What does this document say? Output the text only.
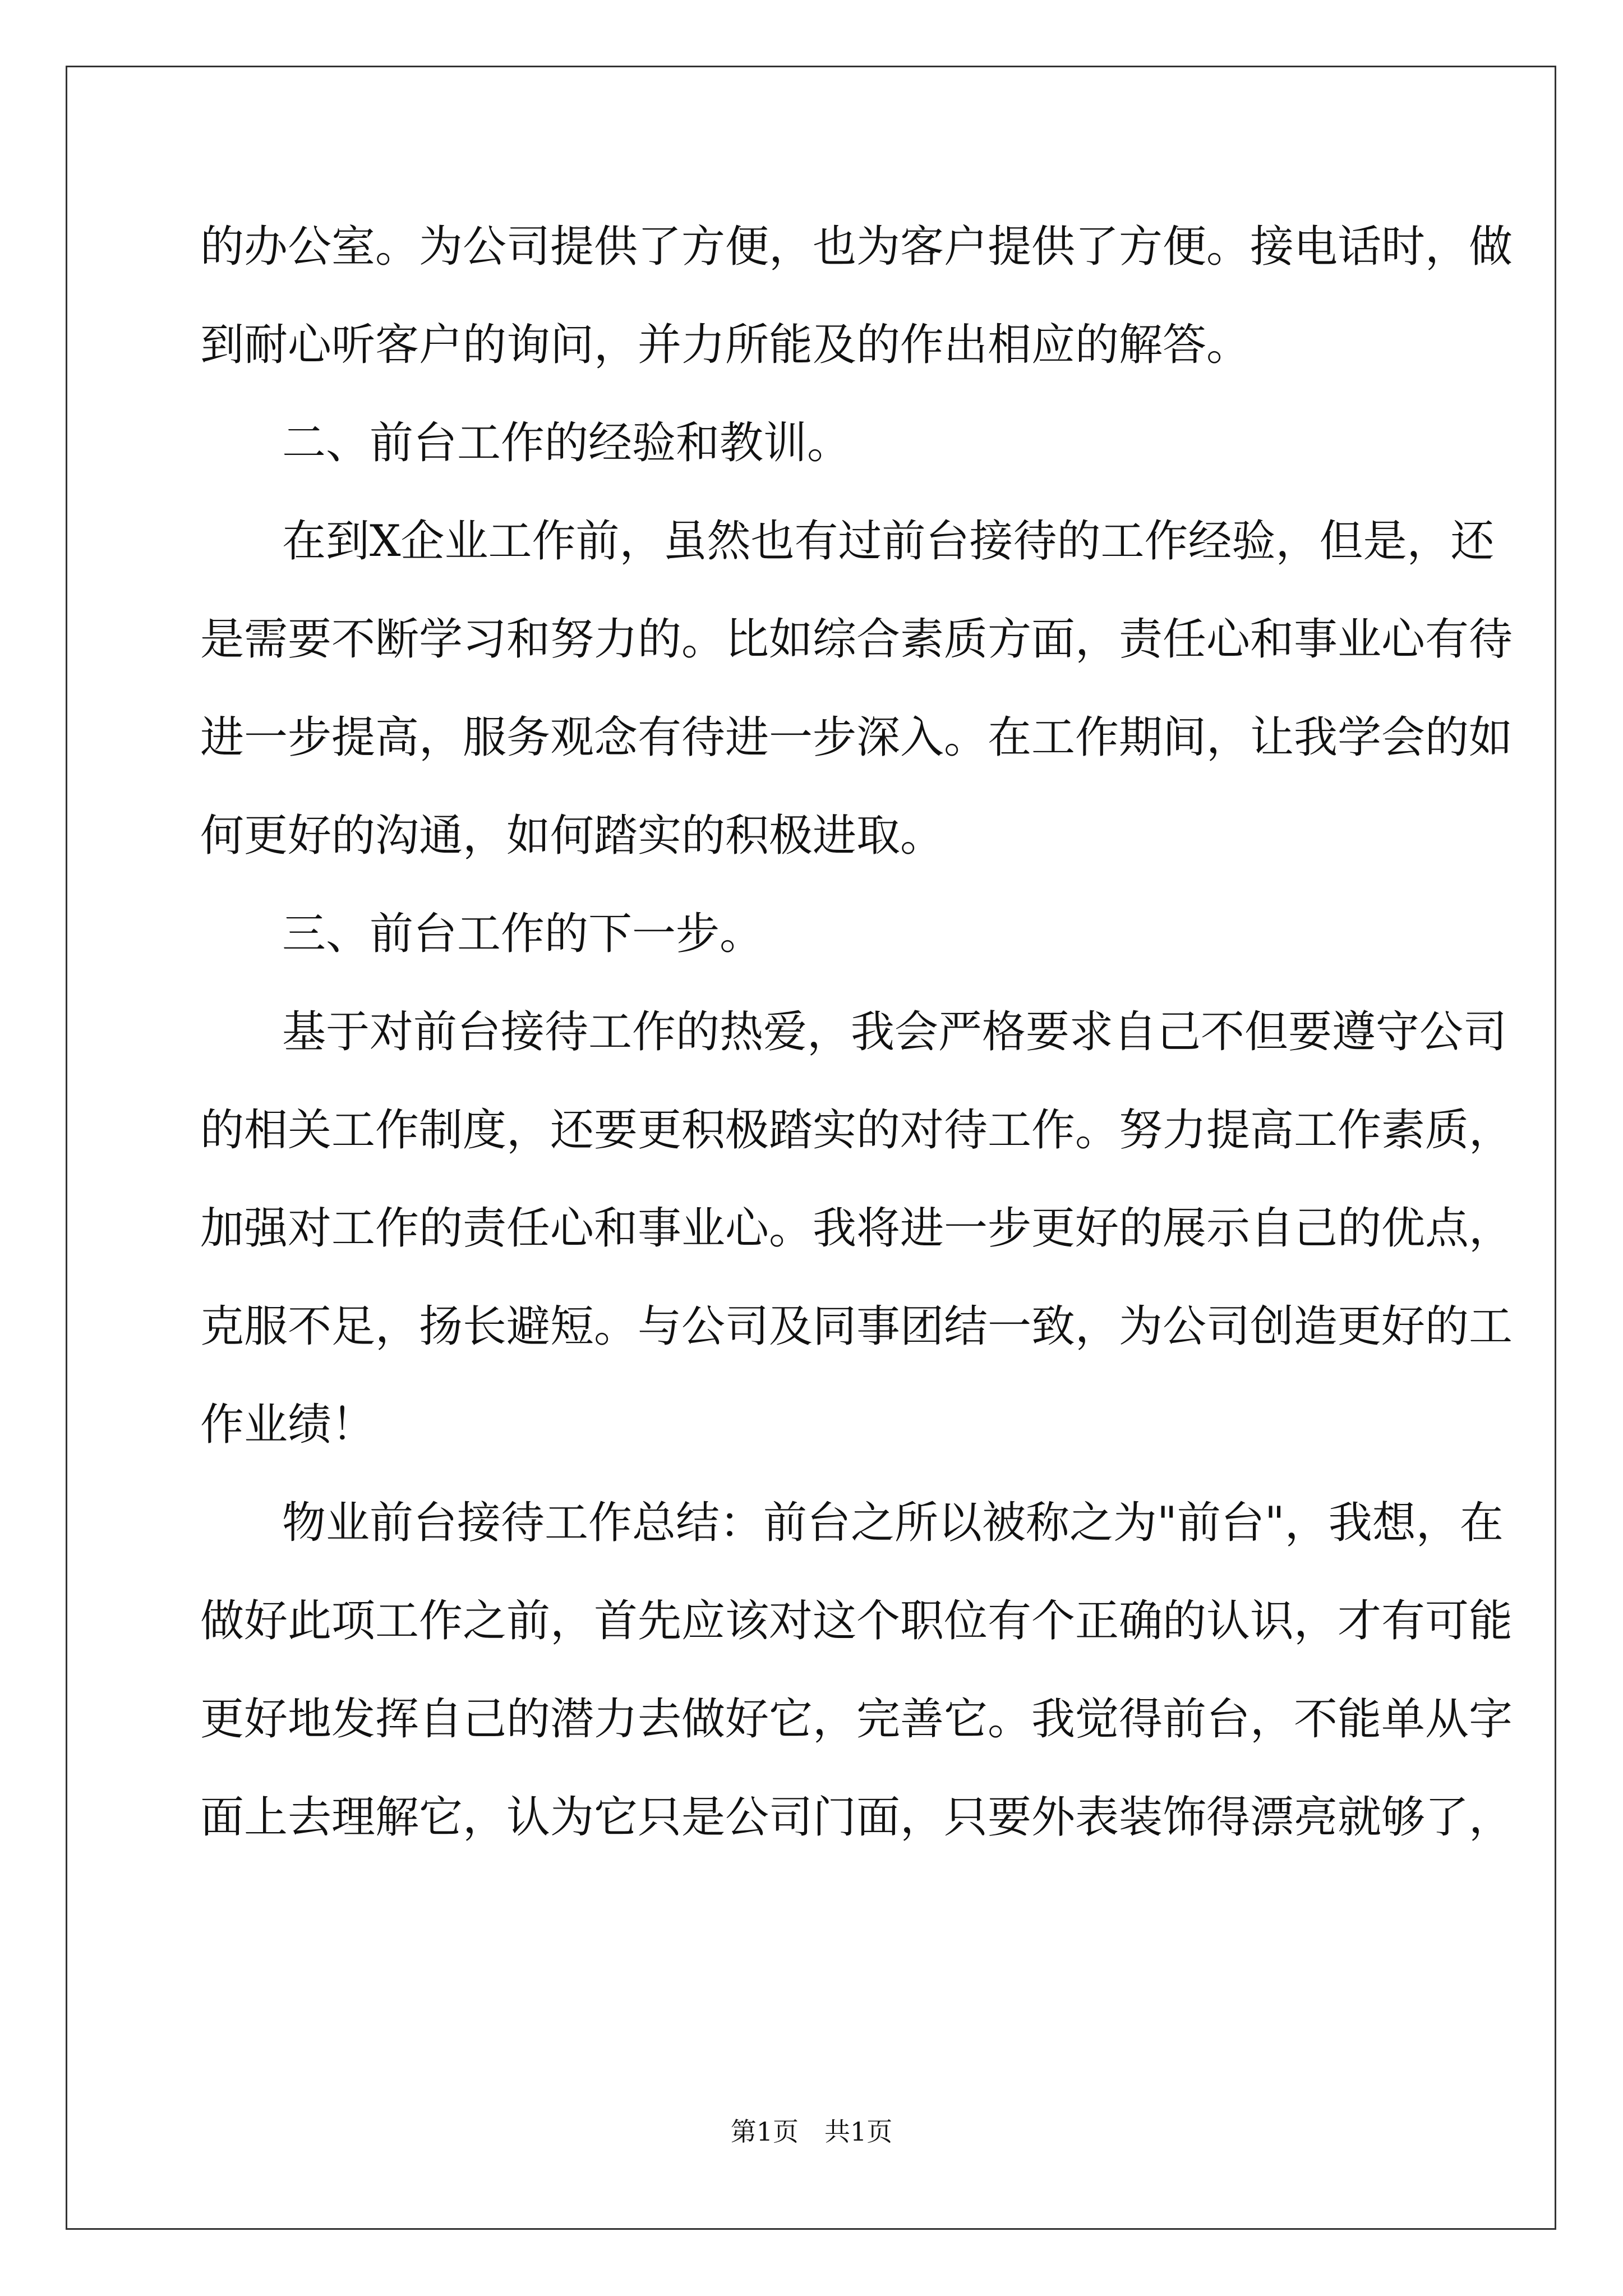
的办公室。为公司提供了方便，也为客户提供了方便。接电话时，做
到耐心听客户的询问，并力所能及的作出相应的解答。
二、前台工作的经验和教训。
在到X企业工作前，虽然也有过前台接待的工作经验，但是，还
是需要不断学习和努力的。比如综合素质方面，责任心和事业心有待
进一步提高，服务观念有待进一步深入。在工作期间，让我学会的如
何更好的沟通，如何踏实的积极进取。
三、前台工作的下一步。
基于对前台接待工作的热爱，我会严格要求自己不但要遵守公司
的相关工作制度，还要更积极踏实的对待工作。努力提高工作素质，
加强对工作的责任心和事业心。我将进一步更好的展示自己的优点，
克服不足，扬长避短。与公司及同事团结一致，为公司创造更好的工
作业绩！
物业前台接待工作总结：前台之所以被称之为"前台"，我想，在
做好此项工作之前，首先应该对这个职位有个正确的认识，才有可能
更好地发挥自己的潜力去做好它，完善它。我觉得前台，不能单从字
面上去理解它，认为它只是公司门面，只要外表装饰得漂亮就够了，
第1页　共1页
